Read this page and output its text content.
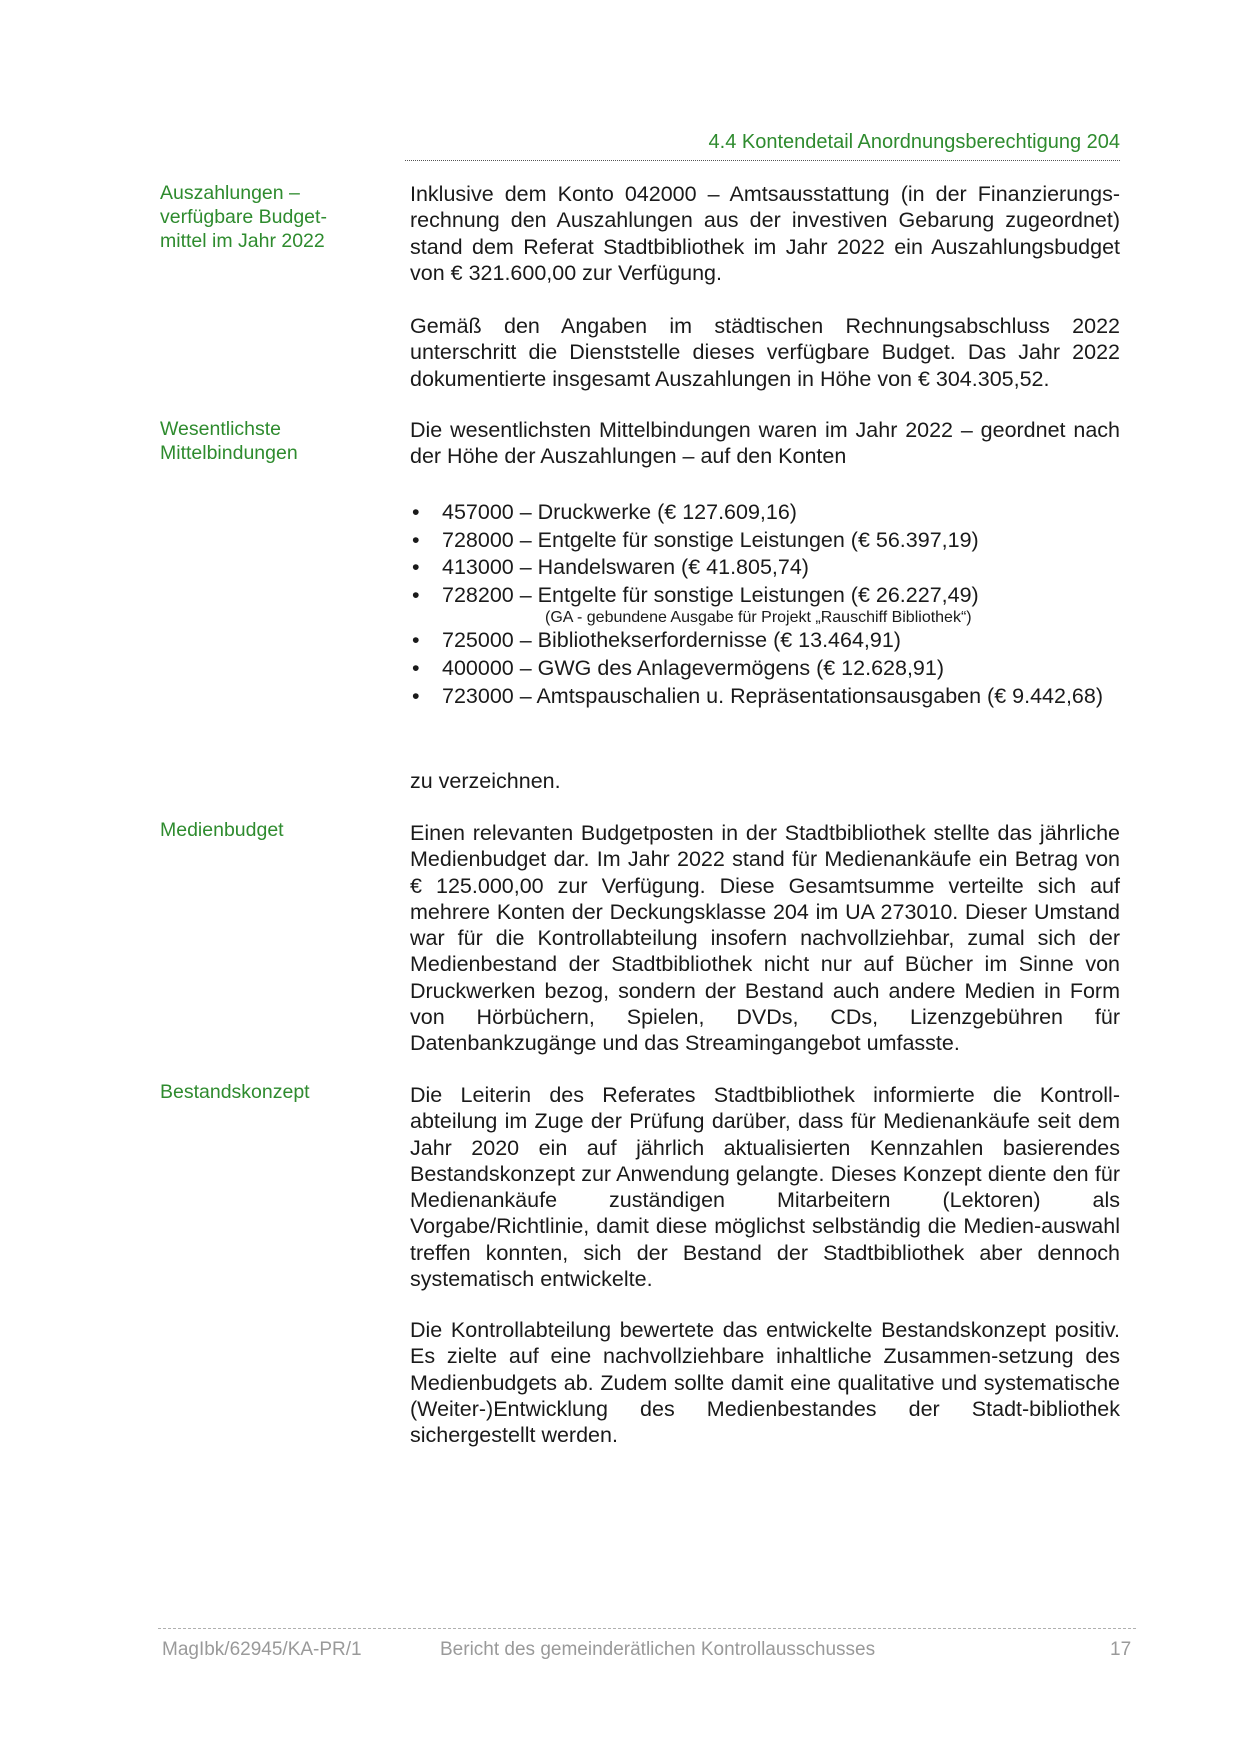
4.4 Kontendetail Anordnungsberechtigung 204
Auszahlungen –
verfügbare Budget-
mittel im Jahr 2022

Inklusive dem Konto 042000 – Amtsausstattung (in der Finanzierungs-rechnung den Auszahlungen aus der investiven Gebarung zugeordnet) stand dem Referat Stadtbibliothek im Jahr 2022 ein Auszahlungsbudget von € 321.600,00 zur Verfügung.

Gemäß den Angaben im städtischen Rechnungsabschluss 2022 unterschritt die Dienststelle dieses verfügbare Budget. Das Jahr 2022 dokumentierte insgesamt Auszahlungen in Höhe von € 304.305,52.

Wesentlichste
Mittelbindungen

Die wesentlichsten Mittelbindungen waren im Jahr 2022 – geordnet nach der Höhe der Auszahlungen – auf den Konten

• 457000 – Druckwerke (€ 127.609,16)
• 728000 – Entgelte für sonstige Leistungen (€ 56.397,19)
• 413000 – Handelswaren (€ 41.805,74)
• 728200 – Entgelte für sonstige Leistungen (€ 26.227,49)
(GA - gebundene Ausgabe für Projekt „Rauschiff Bibliothek“)
• 725000 – Bibliothekserfordernisse (€ 13.464,91)
• 400000 – GWG des Anlagevermögens (€ 12.628,91)
• 723000 – Amtspauschalien u. Repräsentationsausgaben (€ 9.442,68)

zu verzeichnen.

Medienbudget	Einen relevanten Budgetposten in der Stadtbibliothek stellte das jährliche Medienbudget dar. Im Jahr 2022 stand für Medienankäufe ein Betrag von € 125.000,00 zur Verfügung. Diese Gesamtsumme verteilte sich auf mehrere Konten der Deckungsklasse 204 im UA 273010. Dieser Umstand war für die Kontrollabteilung insofern nachvollziehbar, zumal sich der Medienbestand der Stadtbibliothek nicht nur auf Bücher im Sinne von Druckwerken bezog, sondern der Bestand auch andere Medien in Form von Hörbüchern, Spielen, DVDs, CDs, Lizenzgebühren für Datenbankzugänge und das Streamingangebot umfasste.

Bestandskonzept	Die Leiterin des Referates Stadtbibliothek informierte die Kontroll-abteilung im Zuge der Prüfung darüber, dass für Medienankäufe seit dem Jahr 2020 ein auf jährlich aktualisierten Kennzahlen basierendes Bestandskonzept zur Anwendung gelangte. Dieses Konzept diente den für Medienankäufe zuständigen Mitarbeitern (Lektoren) als Vorgabe/Richtlinie, damit diese möglichst selbständig die Medien-auswahl treffen konnten, sich der Bestand der Stadtbibliothek aber dennoch systematisch entwickelte.

Die Kontrollabteilung bewertete das entwickelte Bestandskonzept positiv. Es zielte auf eine nachvollziehbare inhaltliche Zusammen-setzung des Medienbudgets ab. Zudem sollte damit eine qualitative und systematische (Weiter-)Entwicklung des Medienbestandes der Stadt-bibliothek sichergestellt werden.

MagIbk/62945/KA-PR/1	Bericht des gemeinderätlichen Kontrollausschusses	17
